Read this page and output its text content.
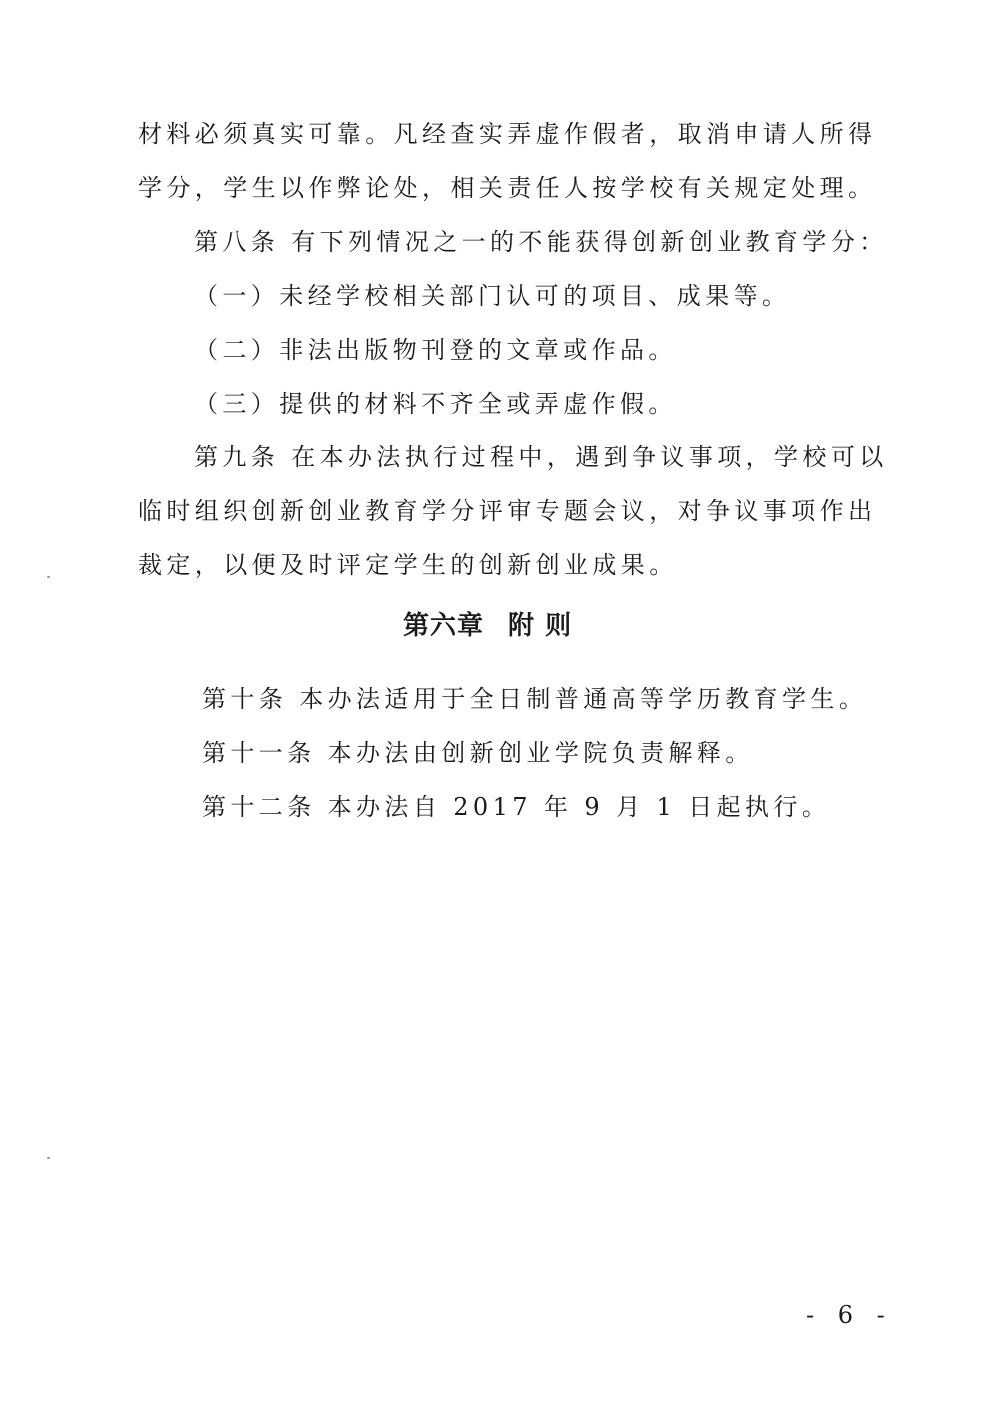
材料必须真实可靠。凡经查实弄虚作假者，取消申请人所得
学分，学生以作弊论处，相关责任人按学校有关规定处理。
第八条 有下列情况之一的不能获得创新创业教育学分：
（一）未经学校相关部门认可的项目、成果等。
（二）非法出版物刊登的文章或作品。
（三）提供的材料不齐全或弄虚作假。
第九条 在本办法执行过程中，遇到争议事项，学校可以
临时组织创新创业教育学分评审专题会议，对争议事项作出
裁定，以便及时评定学生的创新创业成果。
第六章 附 则
第十条 本办法适用于全日制普通高等学历教育学生。
第十一条 本办法由创新创业学院负责解释。
第十二条 本办法自 2017 年 9 月 1 日起执行。
- 6 -
